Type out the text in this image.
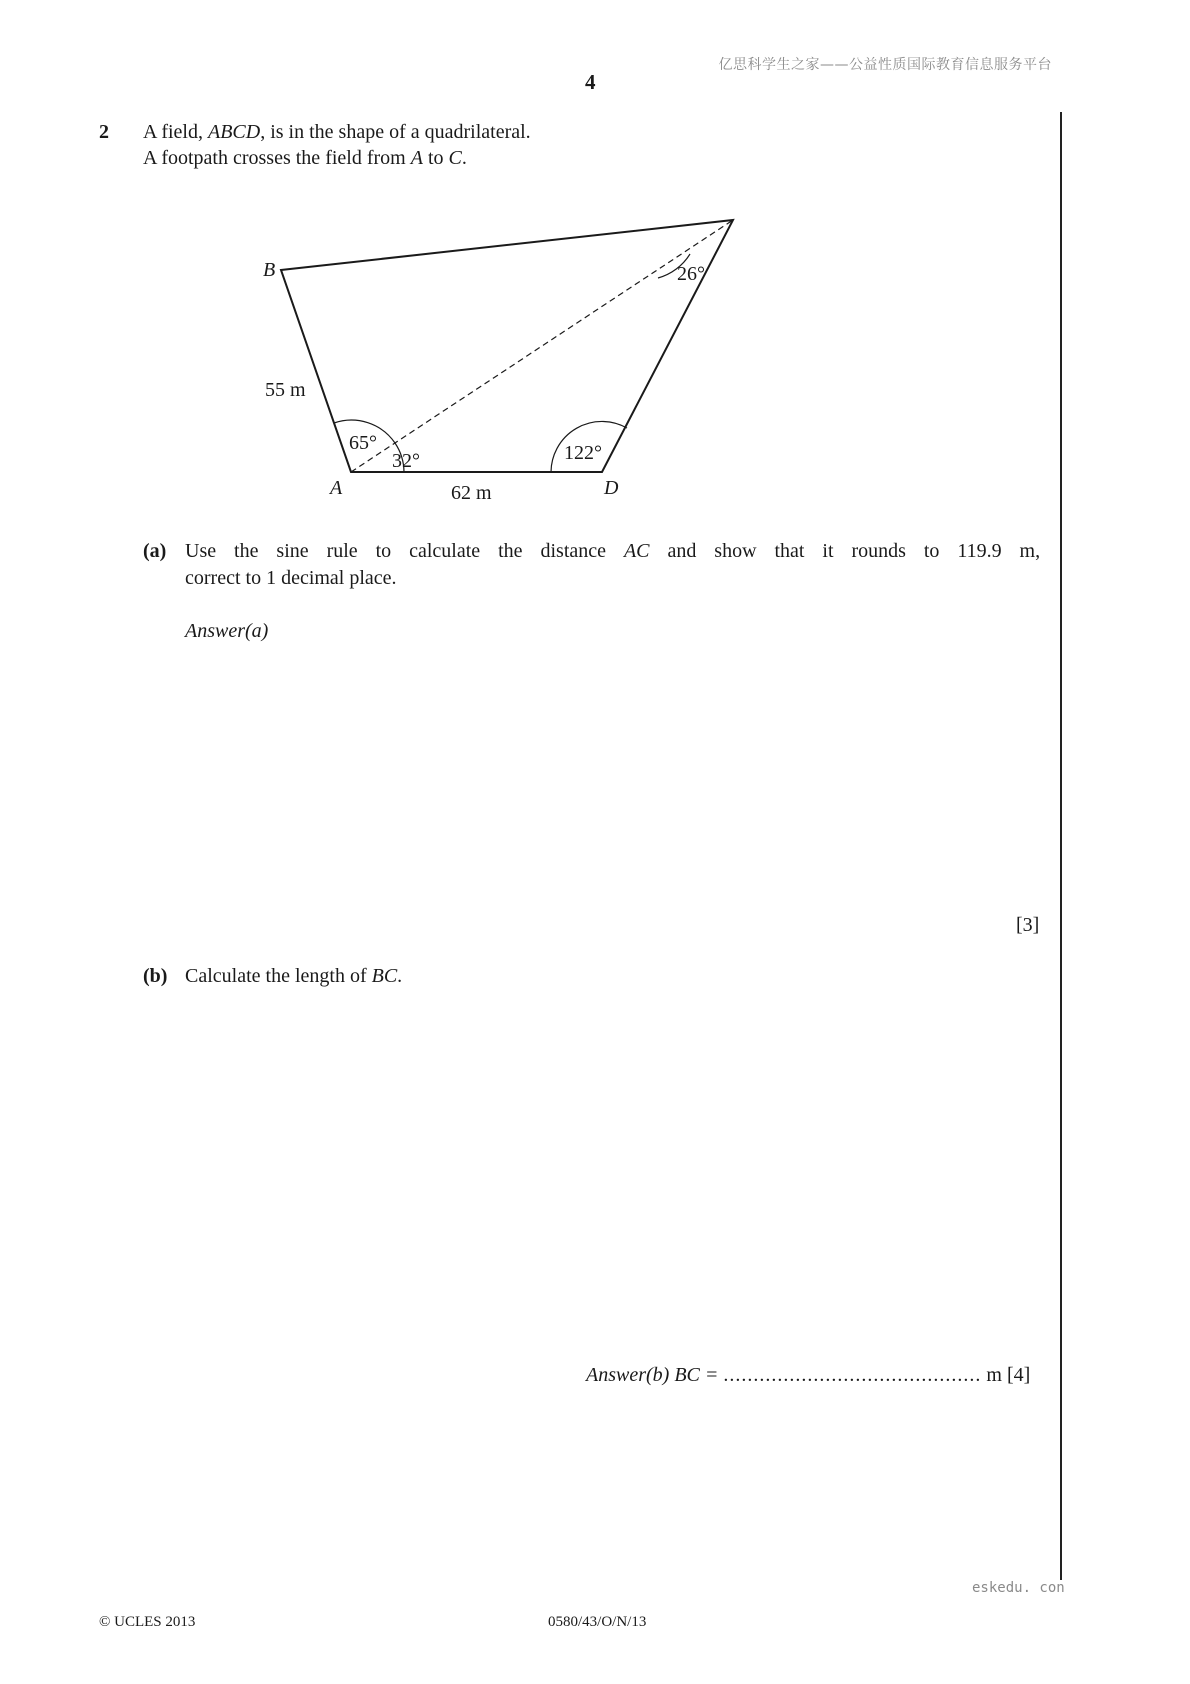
亿思科学生之家——公益性质国际教育信息服务平台
4
2 A field, ABCD, is in the shape of a quadrilateral.
A footpath crosses the field from A to C.
B
A	D
55 m
62 m
65°
32°	122°
26°
(a) Use the sine rule to calculate the distance AC and show that it rounds to 119.9 m,
correct to 1 decimal place.
Answer(a)
[3]
(b) Calculate the length of BC.
Answer(b) BC = ........................................... m [4]
eskedu. con
© UCLES 2013	0580/43/O/N/13
